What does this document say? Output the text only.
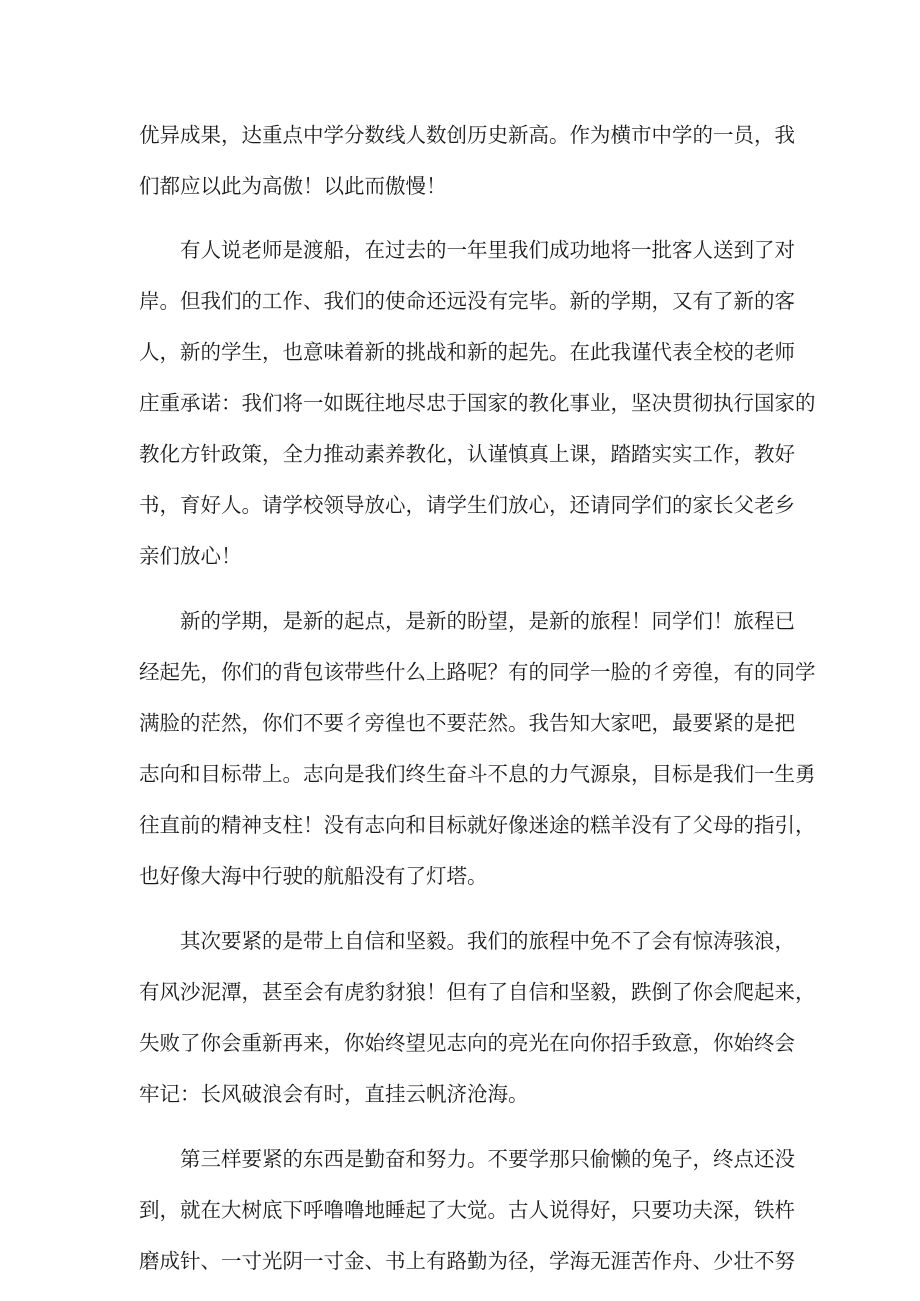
优异成果，达重点中学分数线人数创历史新高。作为横市中学的一员，我
们都应以此为高傲！以此而傲慢！
有人说老师是渡船，在过去的一年里我们成功地将一批客人送到了对
岸。但我们的工作、我们的使命还远没有完毕。新的学期，又有了新的客
人，新的学生，也意味着新的挑战和新的起先。在此我谨代表全校的老师
庄重承诺：我们将一如既往地尽忠于国家的教化事业，坚决贯彻执行国家的
教化方针政策，全力推动素养教化，认谨慎真上课，踏踏实实工作，教好
书，育好人。请学校领导放心，请学生们放心，还请同学们的家长父老乡
亲们放心！
新的学期，是新的起点，是新的盼望，是新的旅程！同学们！旅程已
经起先，你们的背包该带些什么上路呢？有的同学一脸的彳旁徨，有的同学
满脸的茫然，你们不要彳旁徨也不要茫然。我告知大家吧，最要紧的是把
志向和目标带上。志向是我们终生奋斗不息的力气源泉，目标是我们一生勇
往直前的精神支柱！没有志向和目标就好像迷途的糕羊没有了父母的指引，
也好像大海中行驶的航船没有了灯塔。
其次要紧的是带上自信和坚毅。我们的旅程中免不了会有惊涛骇浪，
有风沙泥潭，甚至会有虎豹豺狼！但有了自信和坚毅，跌倒了你会爬起来，
失败了你会重新再来，你始终望见志向的亮光在向你招手致意，你始终会
牢记：长风破浪会有时，直挂云帆济沧海。
第三样要紧的东西是勤奋和努力。不要学那只偷懒的兔子，终点还没
到，就在大树底下呼噜噜地睡起了大觉。古人说得好，只要功夫深，铁杵
磨成针、一寸光阴一寸金、书上有路勤为径，学海无涯苦作舟、少壮不努
